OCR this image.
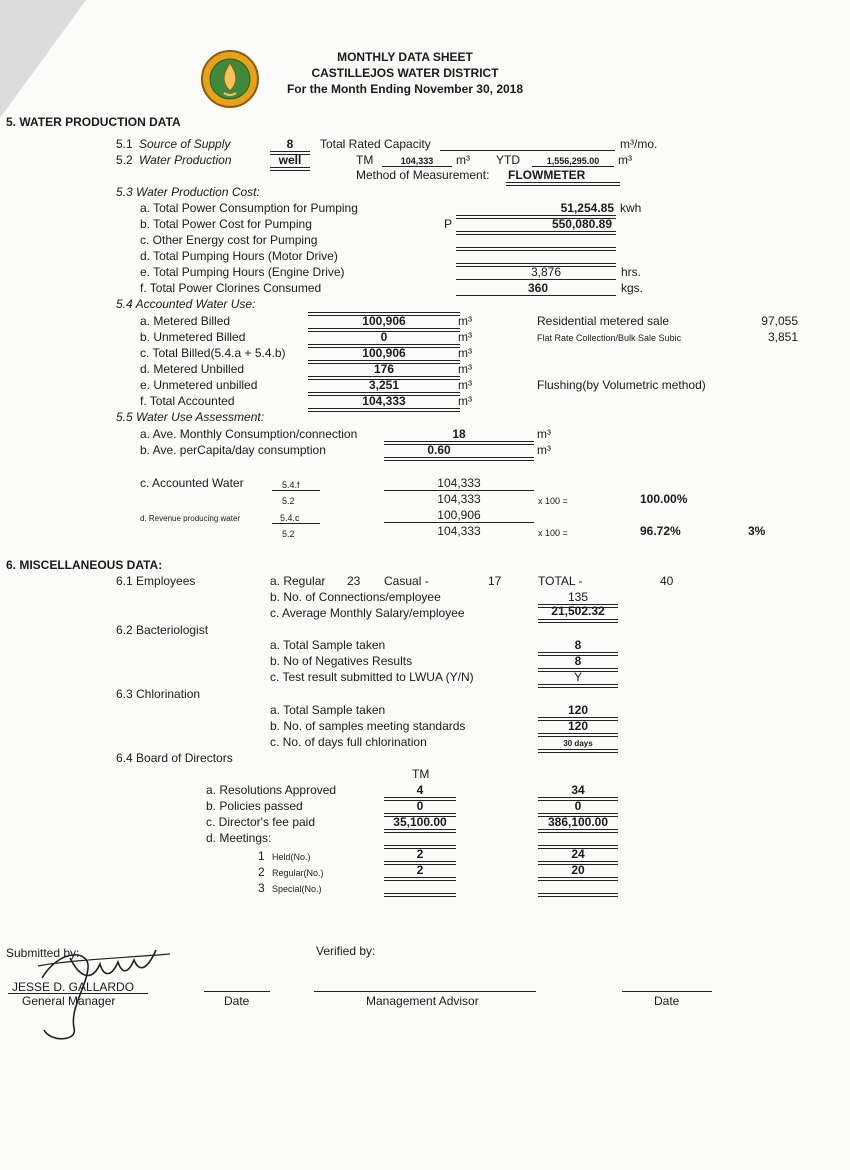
MONTHLY DATA SHEET
CASTILLEJOS WATER DISTRICT
For the Month Ending November 30, 2018
5. WATER PRODUCTION DATA
5.1 Source of Supply	8	Total Rated Capacity	m³/mo.
5.2 Water Production	well	TM	104,333	m³ YTD	1,556,295.00	m³
Method of Measurement: FLOWMETER
5.3 Water Production Cost:
a. Total Power Consumption for Pumping	51,254.85 kwh
b. Total Power Cost for Pumping	P	550,080.89
c. Other Energy cost for Pumping
d. Total Pumping Hours (Motor Drive)
e. Total Pumping Hours (Engine Drive)	3,876	hrs.
f. Total Power Clorines Consumed	360	kgs.
5.4 Accounted Water Use:
a. Metered Billed	100,906	m³	Residential metered sale	97,055
b. Unmetered Billed	0	m³	Flat Rate Collection/Bulk Sale Subic	3,851
c. Total Billed(5.4.a + 5.4.b)	100,906	m³
d. Metered Unbilled	176	m³
e. Unmetered unbilled	3,251	m³	Flushing(by Volumetric method)
f. Total Accounted	104,333	m³
5.5 Water Use Assessment:
a. Ave. Monthly Consumption/connection	18	m³
b. Ave. perCapita/day consumption	0.60	m³
c. Accounted Water	5.4.f
5.2
104,333
104,333	x 100 =	100.00%
d. Revenue producing water	5.4.c
5.2
100,906
104,333	x 100 =	96.72%	3%
6. MISCELLANEOUS DATA:
6.1 Employees	a. Regular 23 Casual -	17	TOTAL -	40
b. No. of Connections/employee	135
c. Average Monthly Salary/employee	21,502.32
6.2 Bacteriologist
a. Total Sample taken	8
b. No of Negatives Results	8
c. Test result submitted to LWUA (Y/N)	Y
6.3 Chlorination
a. Total Sample taken	120
b. No. of samples meeting standards	120
c. No. of days full chlorination	30 days
6.4 Board of Directors
TM
a. Resolutions Approved	4	34
b. Policies passed	0	0
c. Director's fee paid	35,100.00	386,100.00
d. Meetings:
1 Held(No.)	2	24
2 Regular(No.)	2	20
3 Special(No.)
Submitted by:	Verified by:
JESSE D. GALLARDO
General Manager	Date	Management Advisor	Date
